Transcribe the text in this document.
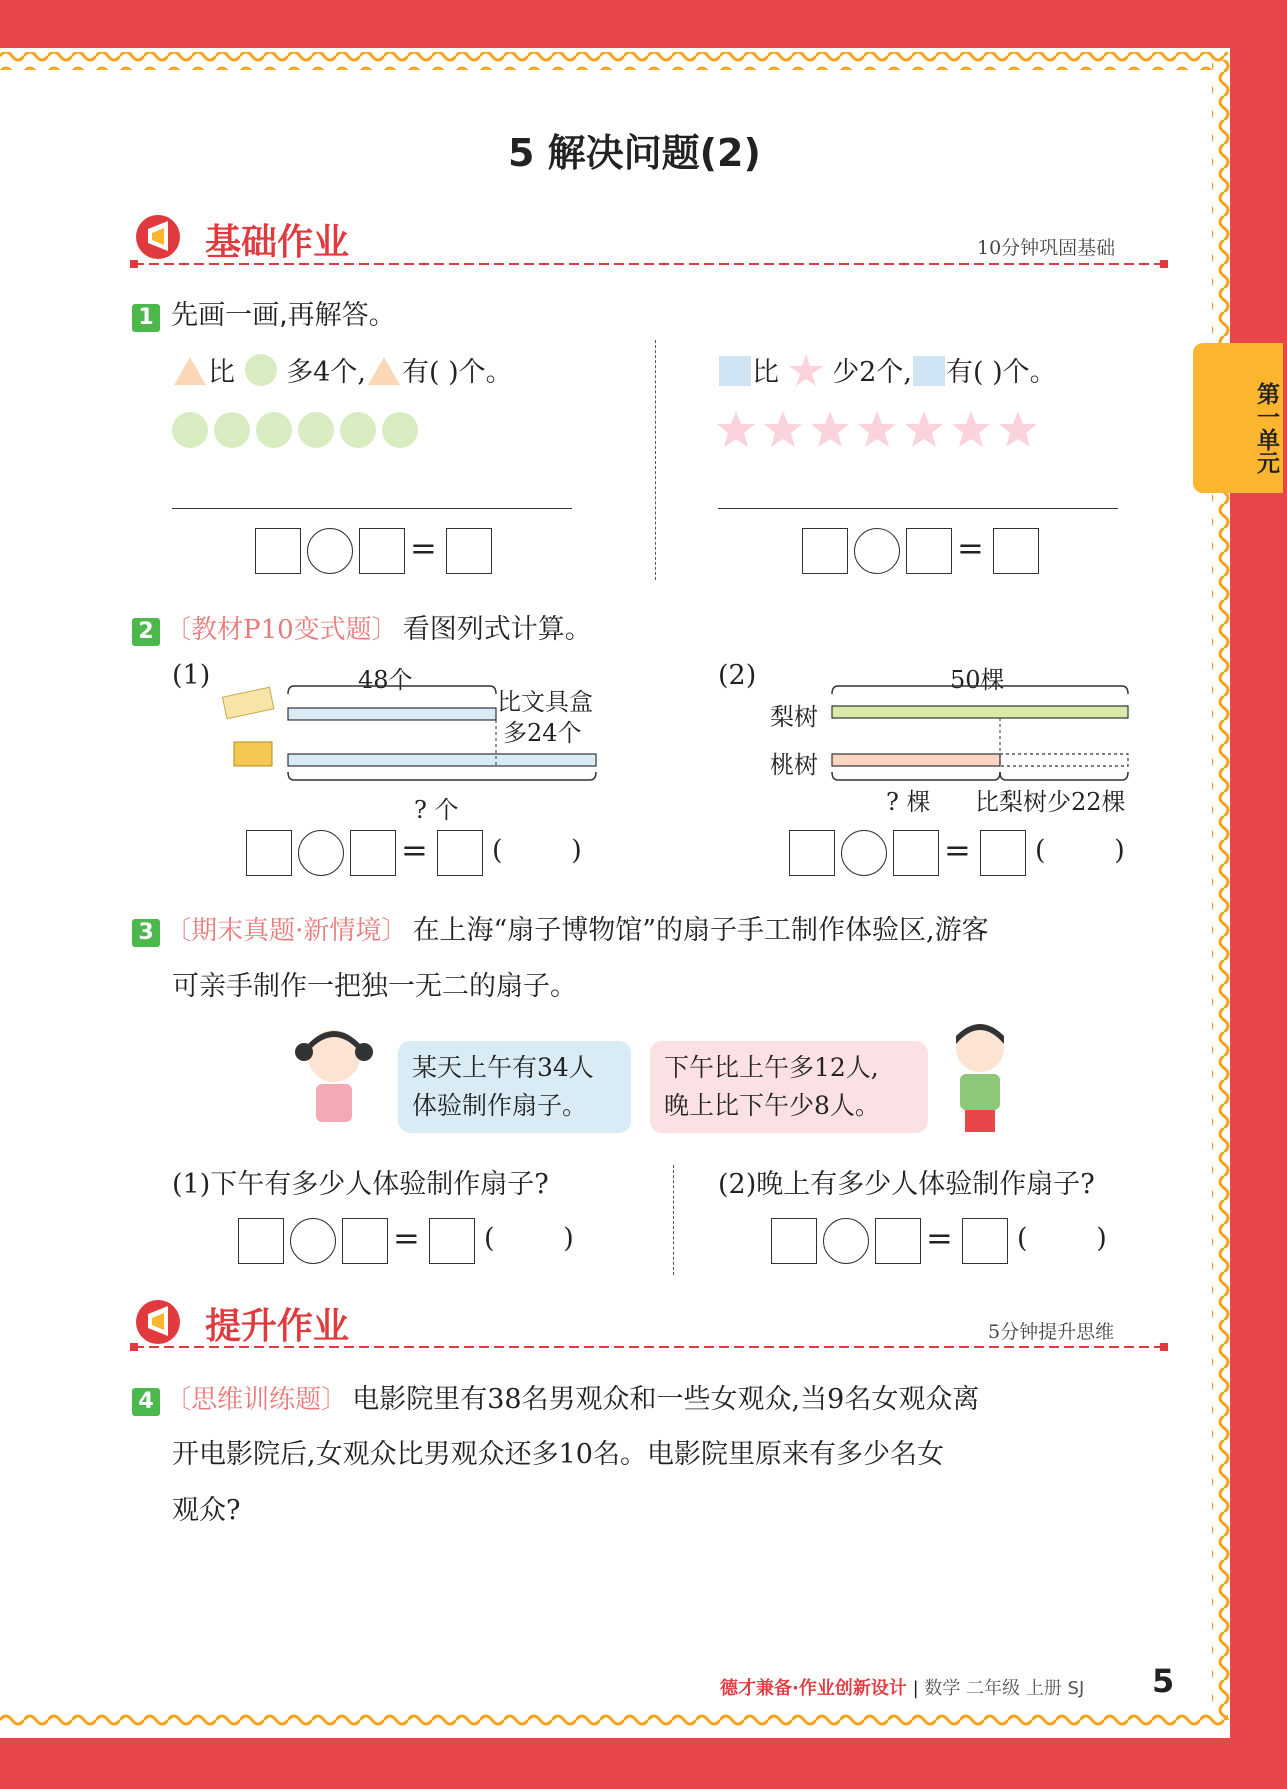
5 解决问题(2)
第一单元
基础作业	10分钟巩固基础
1 先画一画,再解答。
比 多4个, 有( )个。
=
比 少2个, 有( )个。
=
2 〔教材P10变式题〕 看图列式计算。
(1)	48个
比文具盒
多24个
? 个
= (        )
(2)	50棵
梨树
桃树
? 棵 比梨树少22棵
= (        )
3 〔期末真题·新情境〕 在上海“扇子博物馆”的扇子手工制作体验区,游客
可亲手制作一把独一无二的扇子。
某天上午有34人
体验制作扇子。
下午比上午多12人,
晚上比下午少8人。
(1)下午有多少人体验制作扇子?	(2)晚上有多少人体验制作扇子?
= (        )	= (        )
提升作业	5分钟提升思维
4 〔思维训练题〕 电影院里有38名男观众和一些女观众,当9名女观众离
开电影院后,女观众比男观众还多10名。电影院里原来有多少名女
观众?
德才兼备·作业创新设计 | 数学 二年级 上册 SJ 5
